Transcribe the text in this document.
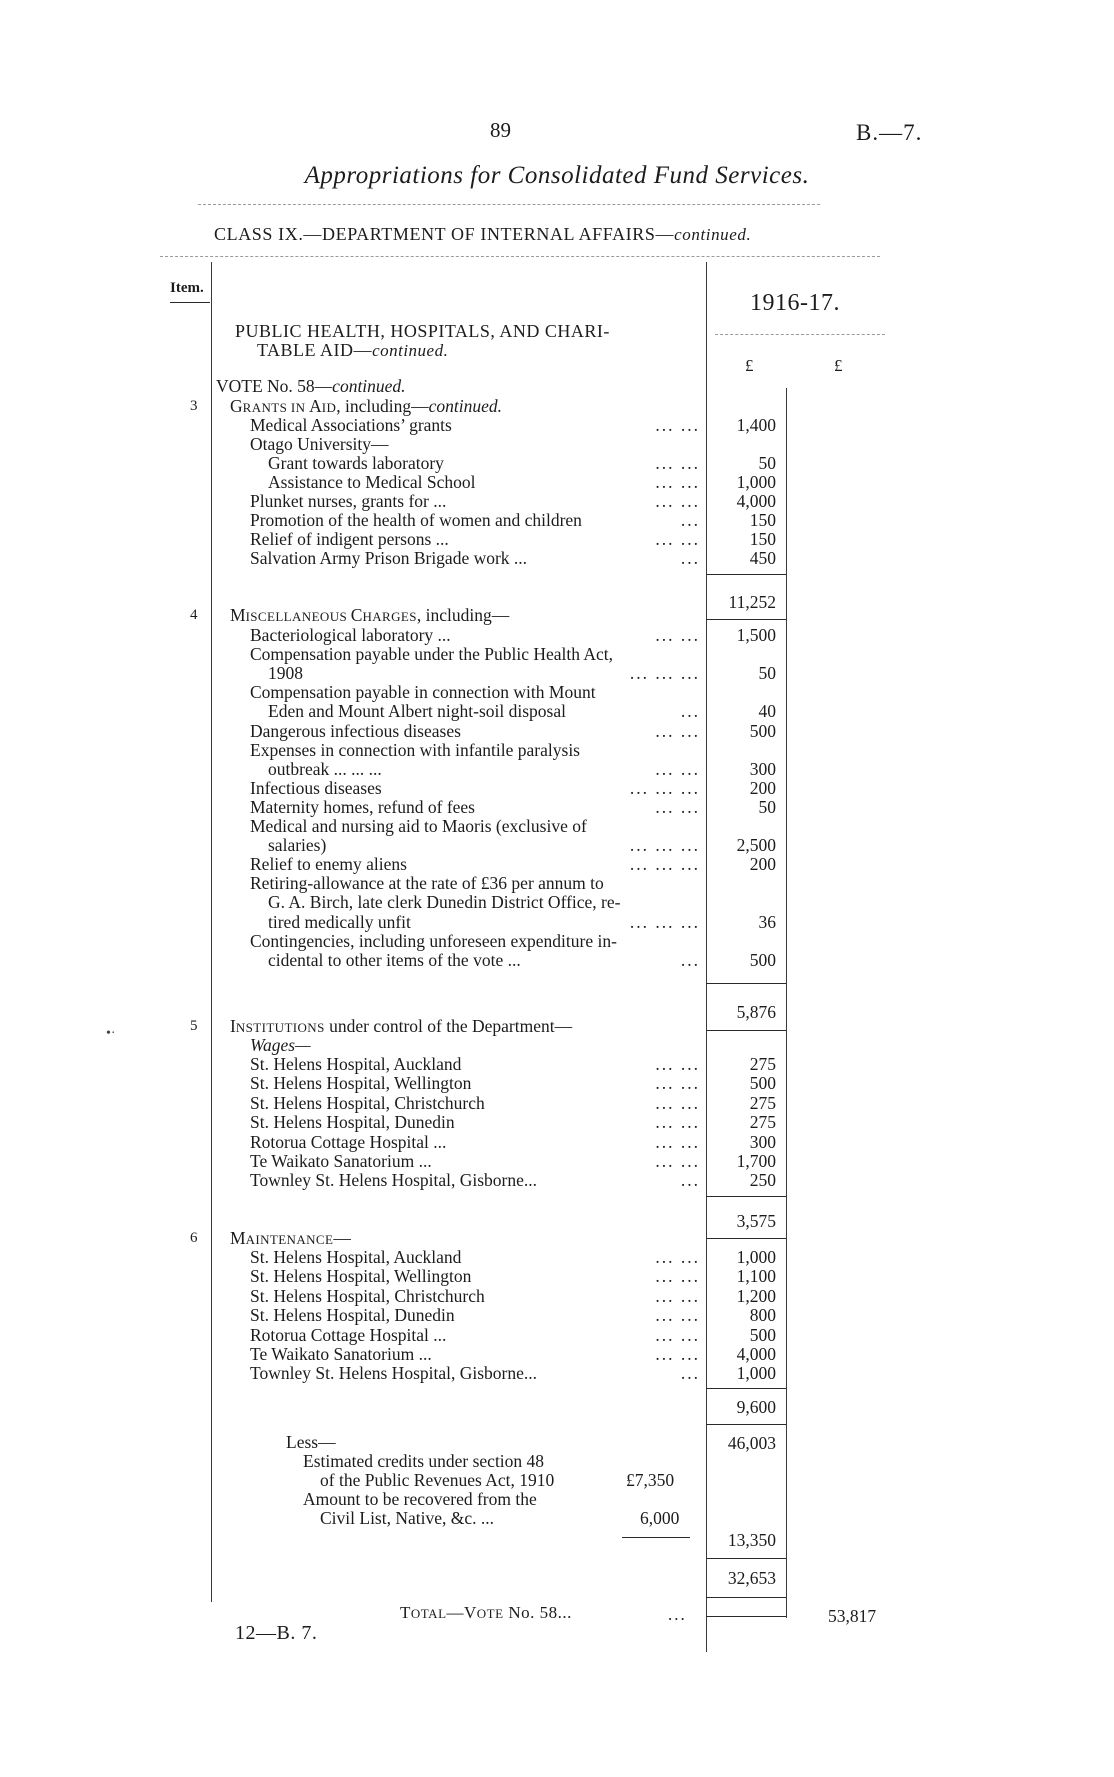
89	B.—7.
Appropriations for Consolidated Fund Services.
CLASS IX.—DEPARTMENT OF INTERNAL AFFAIRS—continued.
Item.
1916-17.
£	£
PUBLIC HEALTH, HOSPITALS, AND CHARI-
TABLE AID—continued.
VOTE No. 58—continued.
3 GRANTS IN AID, including—continued.
Medical Associations’ grants	... ...	1,400
Otago University—
Grant towards laboratory	... ...	50
Assistance to Medical School	... ...	1,000
Plunket nurses, grants for ...	... ...	4,000
Promotion of the health of women and children	...	150
Relief of indigent persons ...	... ...	150
Salvation Army Prison Brigade work ...	...	450
11,252
4 MISCELLANEOUS CHARGES, including—
Bacteriological laboratory ...	... ...	1,500
Compensation payable under the Public Health Act,
1908	... ... ...	50
Compensation payable in connection with Mount
Eden and Mount Albert night-soil disposal	...	40
Dangerous infectious diseases	... ...	500
Expenses in connection with infantile paralysis
outbreak ... ... ...	... ...	300
Infectious diseases	... ... ...	200
Maternity homes, refund of fees	... ...	50
Medical and nursing aid to Maoris (exclusive of
salaries)	... ... ...	2,500
Relief to enemy aliens	... ... ...	200
Retiring-allowance at the rate of £36 per annum to
G. A. Birch, late clerk Dunedin District Office, re-
tired medically unfit	... ... ...	36
Contingencies, including unforeseen expenditure in-
cidental to other items of the vote ...	...	500
5,876
•·	5 INSTITUTIONS under control of the Department—
Wages—
St. Helens Hospital, Auckland	... ...	275
St. Helens Hospital, Wellington	... ...	500
St. Helens Hospital, Christchurch	... ...	275
St. Helens Hospital, Dunedin	... ...	275
Rotorua Cottage Hospital ...	... ...	300
Te Waikato Sanatorium ...	... ...	1,700
Townley St. Helens Hospital, Gisborne...	...	250
3,575
6 MAINTENANCE—
St. Helens Hospital, Auckland	... ...	1,000
St. Helens Hospital, Wellington	... ...	1,100
St. Helens Hospital, Christchurch	... ...	1,200
St. Helens Hospital, Dunedin	... ...	800
Rotorua Cottage Hospital ...	... ...	500
Te Waikato Sanatorium ...	... ...	4,000
Townley St. Helens Hospital, Gisborne...	...	1,000
9,600
Less—
Estimated credits under section 48
of the Public Revenues Act, 1910	£7,350
Amount to be recovered from the
Civil List, Native, &c. ...	6,000
46,003
13,350
32,653
TOTAL—VOTE No. 58...	...	53,817
12—B. 7.
